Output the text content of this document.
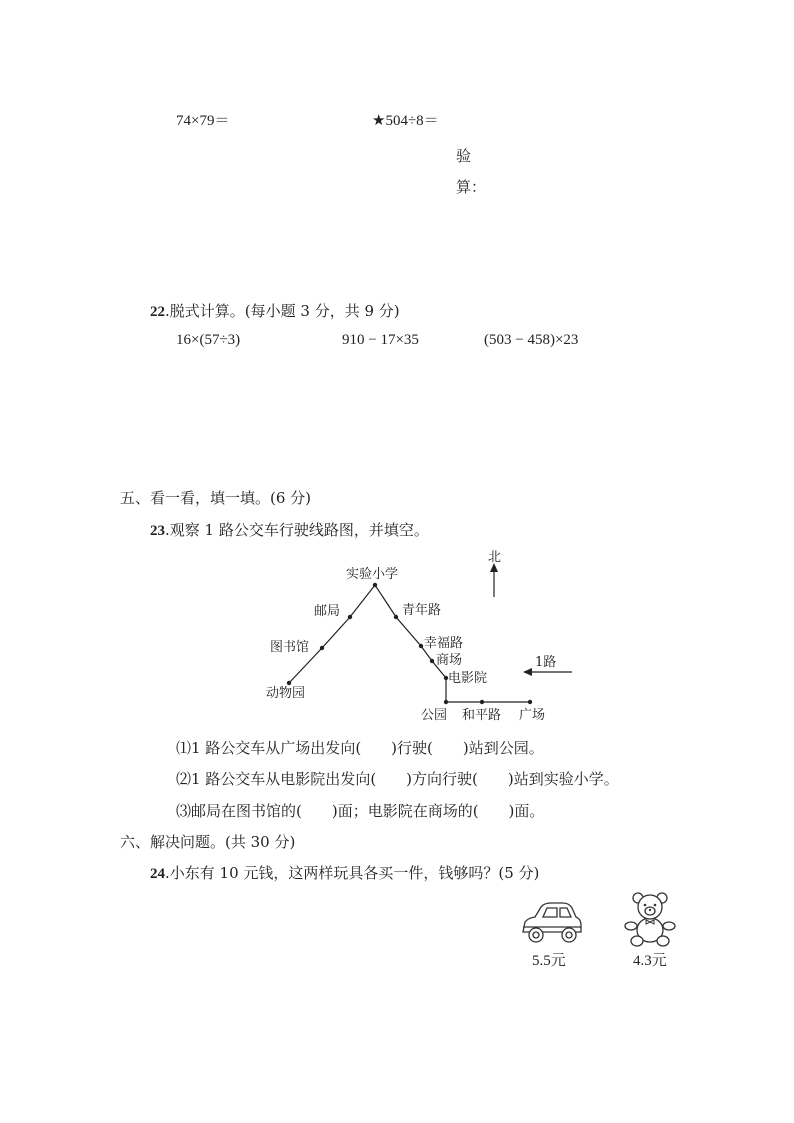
74×79＝	★504÷8＝
验
算：
22.脱式计算。(每小题 3 分，共 9 分)
16×(57÷3)	910 − 17×35	(503 − 458)×23
五、看一看，填一填。(6 分)
23.观察 1 路公交车行驶线路图，并填空。
实验小学
邮局
图书馆
动物园
青年路
幸福路
商场
电影院
公园 和平路 广场
北
1路
⑴1 路公交车从广场出发向(　　)行驶(　　)站到公园。
⑵1 路公交车从电影院出发向(　　)方向行驶(　　)站到实验小学。
⑶邮局在图书馆的(　　)面；电影院在商场的(　　)面。
六、解决问题。(共 30 分)
24.小东有 10 元钱，这两样玩具各买一件，钱够吗？(5 分)
5.5元	4.3元
